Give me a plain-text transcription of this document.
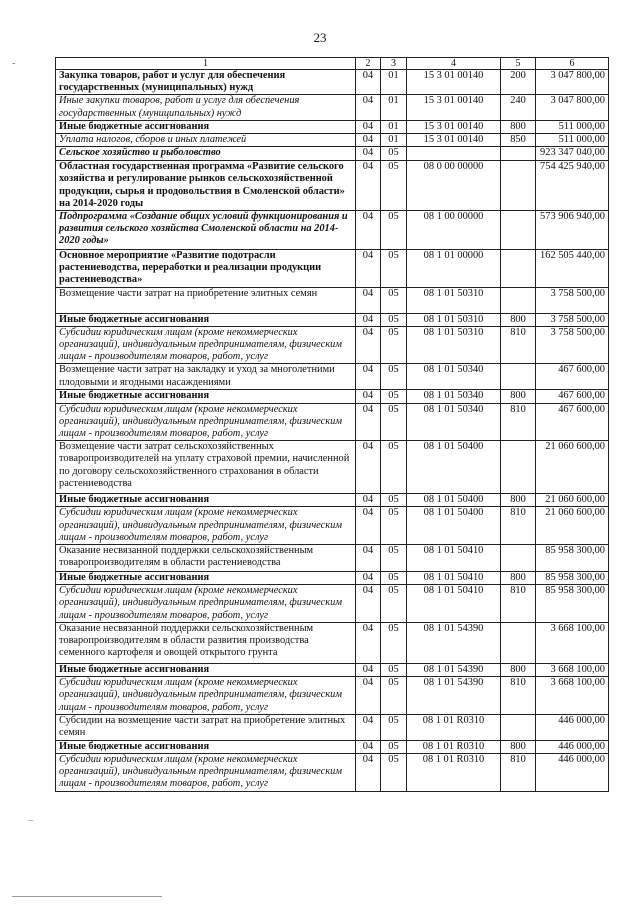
23
‐
–
1	2	3	4	5	6
Закупка товаров, работ и услуг для обеспечения государственных (муниципальных) нужд	04	01	15 3 01 00140	200	3 047 800,00
Иные закупки товаров, работ и услуг для обеспечения государственных (муниципальных) нужд	04	01	15 3 01 00140	240	3 047 800,00
Иные бюджетные ассигнования	04	01	15 3 01 00140	800	511 000,00
Уплата налогов, сборов и иных платежей	04	01	15 3 01 00140	850	511 000,00
Сельское хозяйство и рыболовство	04	05			923 347 040,00
Областная государственная программа «Развитие сельского хозяйства и регулирование рынков сельскохозяйственной продукции, сырья и продовольствия в Смоленской области» на 2014-2020 годы	04	05	08 0 00 00000		754 425 940,00
Подпрограмма «Создание общих условий функционирования и развития сельского хозяйства Смоленской области на 2014-2020 годы»	04	05	08 1 00 00000		573 906 940,00
Основное мероприятие «Развитие подотрасли растениеводства, переработки и реализации продукции растениеводства»	04	05	08 1 01 00000		162 505 440,00
Возмещение части затрат на приобретение элитных семян	04	05	08 1 01 50310		3 758 500,00
Иные бюджетные ассигнования	04	05	08 1 01 50310	800	3 758 500,00
Субсидии юридическим лицам (кроме некоммерческих организаций), индивидуальным предпринимателям, физическим лицам - производителям товаров, работ, услуг	04	05	08 1 01 50310	810	3 758 500,00
Возмещение части затрат на закладку и уход за многолетними плодовыми и ягодными насаждениями	04	05	08 1 01 50340		467 600,00
Иные бюджетные ассигнования	04	05	08 1 01 50340	800	467 600,00
Субсидии юридическим лицам (кроме некоммерческих организаций), индивидуальным предпринимателям, физическим лицам - производителям товаров, работ, услуг	04	05	08 1 01 50340	810	467 600,00
Возмещение части затрат сельскохозяйственных товаропроизводителей на уплату страховой премии, начисленной по договору сельскохозяйственного страхования в области растениеводства	04	05	08 1 01 50400		21 060 600,00
Иные бюджетные ассигнования	04	05	08 1 01 50400	800	21 060 600,00
Субсидии юридическим лицам (кроме некоммерческих организаций), индивидуальным предпринимателям, физическим лицам - производителям товаров, работ, услуг	04	05	08 1 01 50400	810	21 060 600,00
Оказание несвязанной поддержки сельскохозяйственным товаропроизводителям в области растениеводства	04	05	08 1 01 50410		85 958 300,00
Иные бюджетные ассигнования	04	05	08 1 01 50410	800	85 958 300,00
Субсидии юридическим лицам (кроме некоммерческих организаций), индивидуальным предпринимателям, физическим лицам - производителям товаров, работ, услуг	04	05	08 1 01 50410	810	85 958 300,00
Оказание несвязанной поддержки сельскохозяйственным товаропроизводителям в области развития производства семенного картофеля и овощей открытого грунта	04	05	08 1 01 54390		3 668 100,00
Иные бюджетные ассигнования	04	05	08 1 01 54390	800	3 668 100,00
Субсидии юридическим лицам (кроме некоммерческих организаций), индивидуальным предпринимателям, физическим лицам - производителям товаров, работ, услуг	04	05	08 1 01 54390	810	3 668 100,00
Субсидии на возмещение части затрат на приобретение элитных семян	04	05	08 1 01 R0310		446 000,00
Иные бюджетные ассигнования	04	05	08 1 01 R0310	800	446 000,00
Субсидии юридическим лицам (кроме некоммерческих организаций), индивидуальным предпринимателям, физическим лицам - производителям товаров, работ, услуг	04	05	08 1 01 R0310	810	446 000,00
